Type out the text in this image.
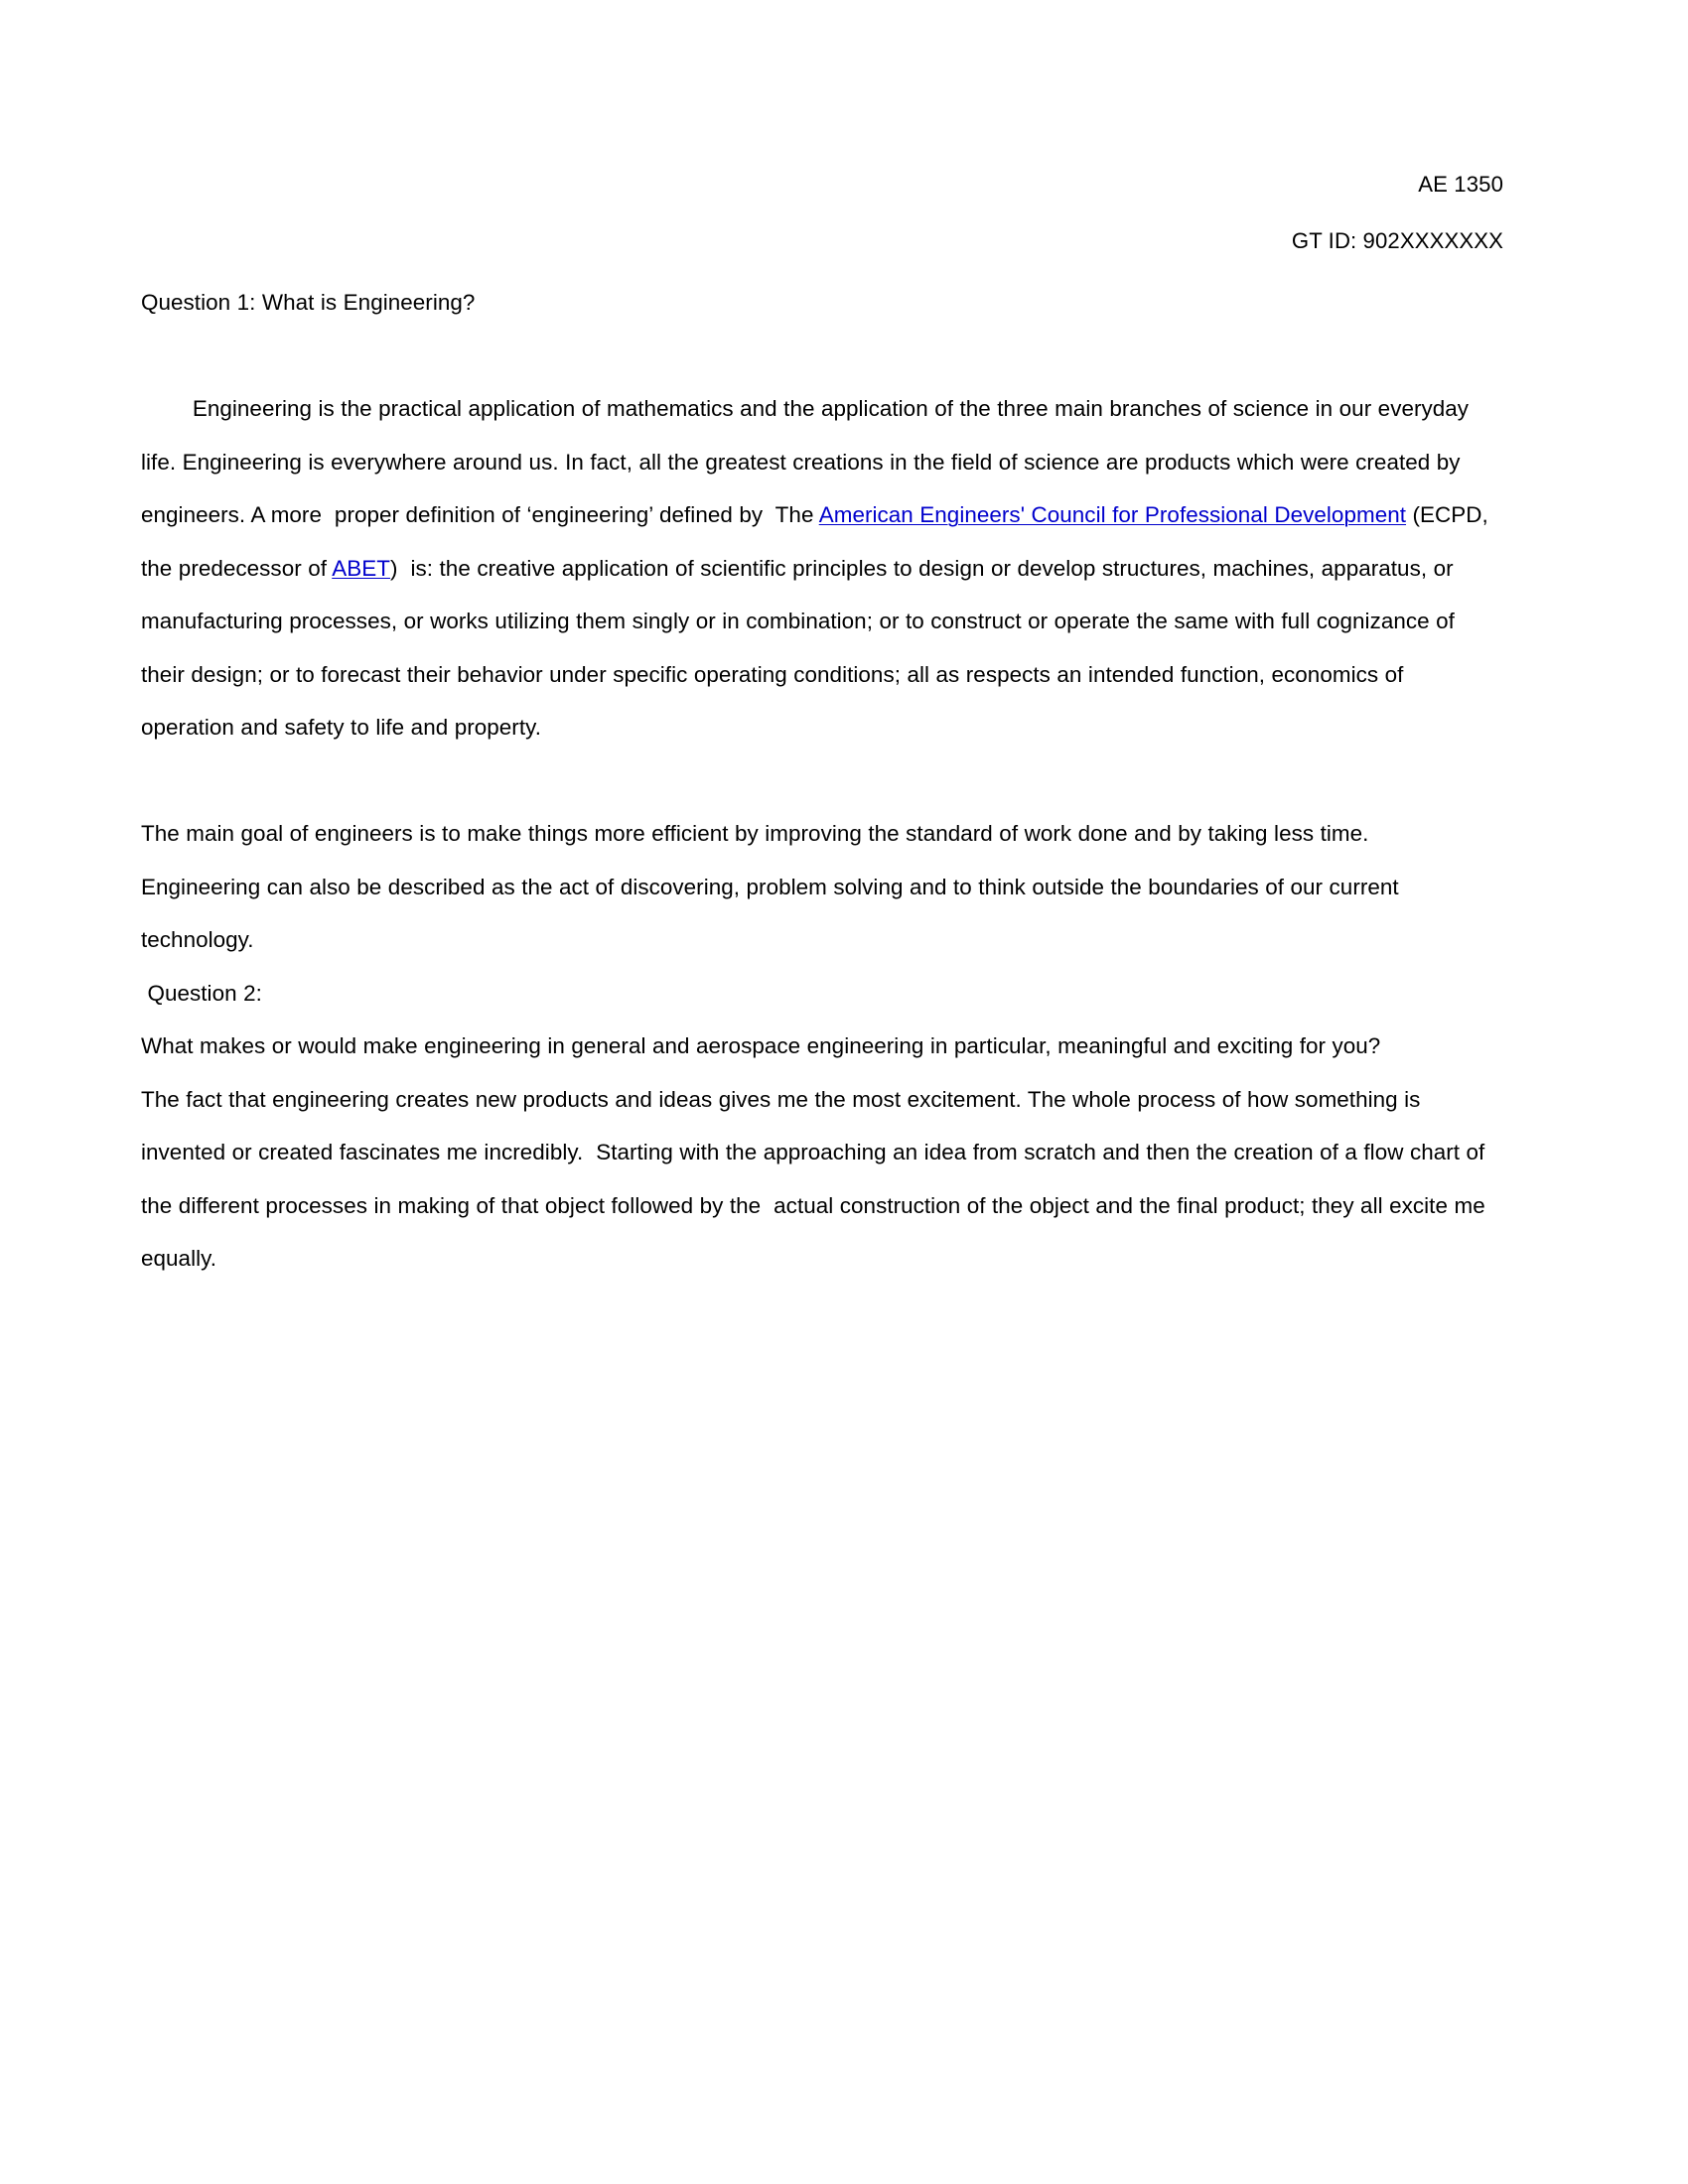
AE 1350
GT ID: 902XXXXXXX

Question 1: What is Engineering?

Engineering is the practical application of mathematics and the application of the three main branches of science in our everyday life. Engineering is everywhere around us. In fact, all the greatest creations in the field of science are products which were created by engineers. A more  proper definition of ‘engineering’ defined by  The American Engineers' Council for Professional Development (ECPD, the predecessor of ABET)  is: the creative application of scientific principles to design or develop structures, machines, apparatus, or manufacturing processes, or works utilizing them singly or in combination; or to construct or operate the same with full cognizance of their design; or to forecast their behavior under specific operating conditions; all as respects an intended function, economics of operation and safety to life and property.

The main goal of engineers is to make things more efficient by improving the standard of work done and by taking less time.  Engineering can also be described as the act of discovering, problem solving and to think outside the boundaries of our current technology.

Question 2:

What makes or would make engineering in general and aerospace engineering in particular, meaningful and exciting for you?

The fact that engineering creates new products and ideas gives me the most excitement. The whole process of how something is invented or created fascinates me incredibly.  Starting with the approaching an idea from scratch and then the creation of a flow chart of the different processes in making of that object followed by the  actual construction of the object and the final product; they all excite me equally.
